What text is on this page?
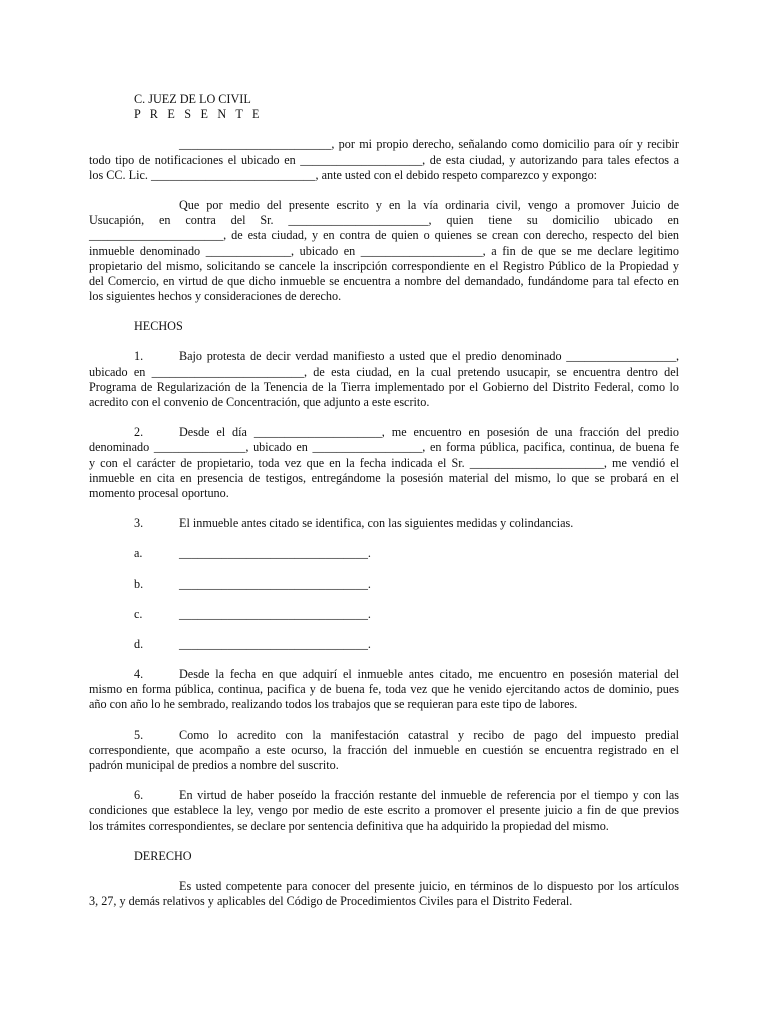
C. JUEZ DE LO CIVIL
P R E S E N T E
_________________________, por mi propio derecho, señalando como domicilio para oír y recibir
todo tipo de notificaciones el ubicado en ____________________, de esta ciudad, y autorizando para tales efectos a
los CC. Lic. ___________________________, ante usted con el debido respeto comparezco y expongo:
Que por medio del presente escrito y en la vía ordinaria civil, vengo a promover Juicio de
Usucapión, en contra del Sr. _______________________, quien tiene su domicilio ubicado en
______________________, de esta ciudad, y en contra de quien o quienes se crean con derecho, respecto del bien
inmueble denominado ______________, ubicado en ____________________, a fin de que se me declare legitimo
propietario del mismo, solicitando se cancele la inscripción correspondiente en el Registro Público de la Propiedad y
del Comercio, en virtud de que dicho inmueble se encuentra a nombre del demandado, fundándome para tal efecto en
los siguientes hechos y consideraciones de derecho.
HECHOS
1.	Bajo protesta de decir verdad manifiesto a usted que el predio denominado __________________,
ubicado en _________________________, de esta ciudad, en la cual pretendo usucapir, se encuentra dentro del
Programa de Regularización de la Tenencia de la Tierra implementado por el Gobierno del Distrito Federal, como lo
acredito con el convenio de Concentración, que adjunto a este escrito.
2.	Desde el día _____________________, me encuentro en posesión de una fracción del predio
denominado _______________, ubicado en __________________, en forma pública, pacifica, continua, de buena fe
y con el carácter de propietario, toda vez que en la fecha indicada el Sr. ______________________, me vendió el
inmueble en cita en presencia de testigos, entregándome la posesión material del mismo, lo que se probará en el
momento procesal oportuno.
3.	El inmueble antes citado se identifica, con las siguientes medidas y colindancias.
a.	_______________________________.
b.	_______________________________.
c.	_______________________________.
d.	_______________________________.
4.	Desde la fecha en que adquirí el inmueble antes citado, me encuentro en posesión material del
mismo en forma pública, continua, pacifica y de buena fe, toda vez que he venido ejercitando actos de dominio, pues
año con año lo he sembrado, realizando todos los trabajos que se requieran para este tipo de labores.
5.	Como lo acredito con la manifestación catastral y recibo de pago del impuesto predial
correspondiente, que acompaño a este ocurso, la fracción del inmueble en cuestión se encuentra registrado en el
padrón municipal de predios a nombre del suscrito.
6.	En virtud de haber poseído la fracción restante del inmueble de referencia por el tiempo y con las
condiciones que establece la ley, vengo por medio de este escrito a promover el presente juicio a fin de que previos
los trámites correspondientes, se declare por sentencia definitiva que ha adquirido la propiedad del mismo.
DERECHO
Es usted competente para conocer del presente juicio, en términos de lo dispuesto por los artículos
3, 27, y demás relativos y aplicables del Código de Procedimientos Civiles para el Distrito Federal.
